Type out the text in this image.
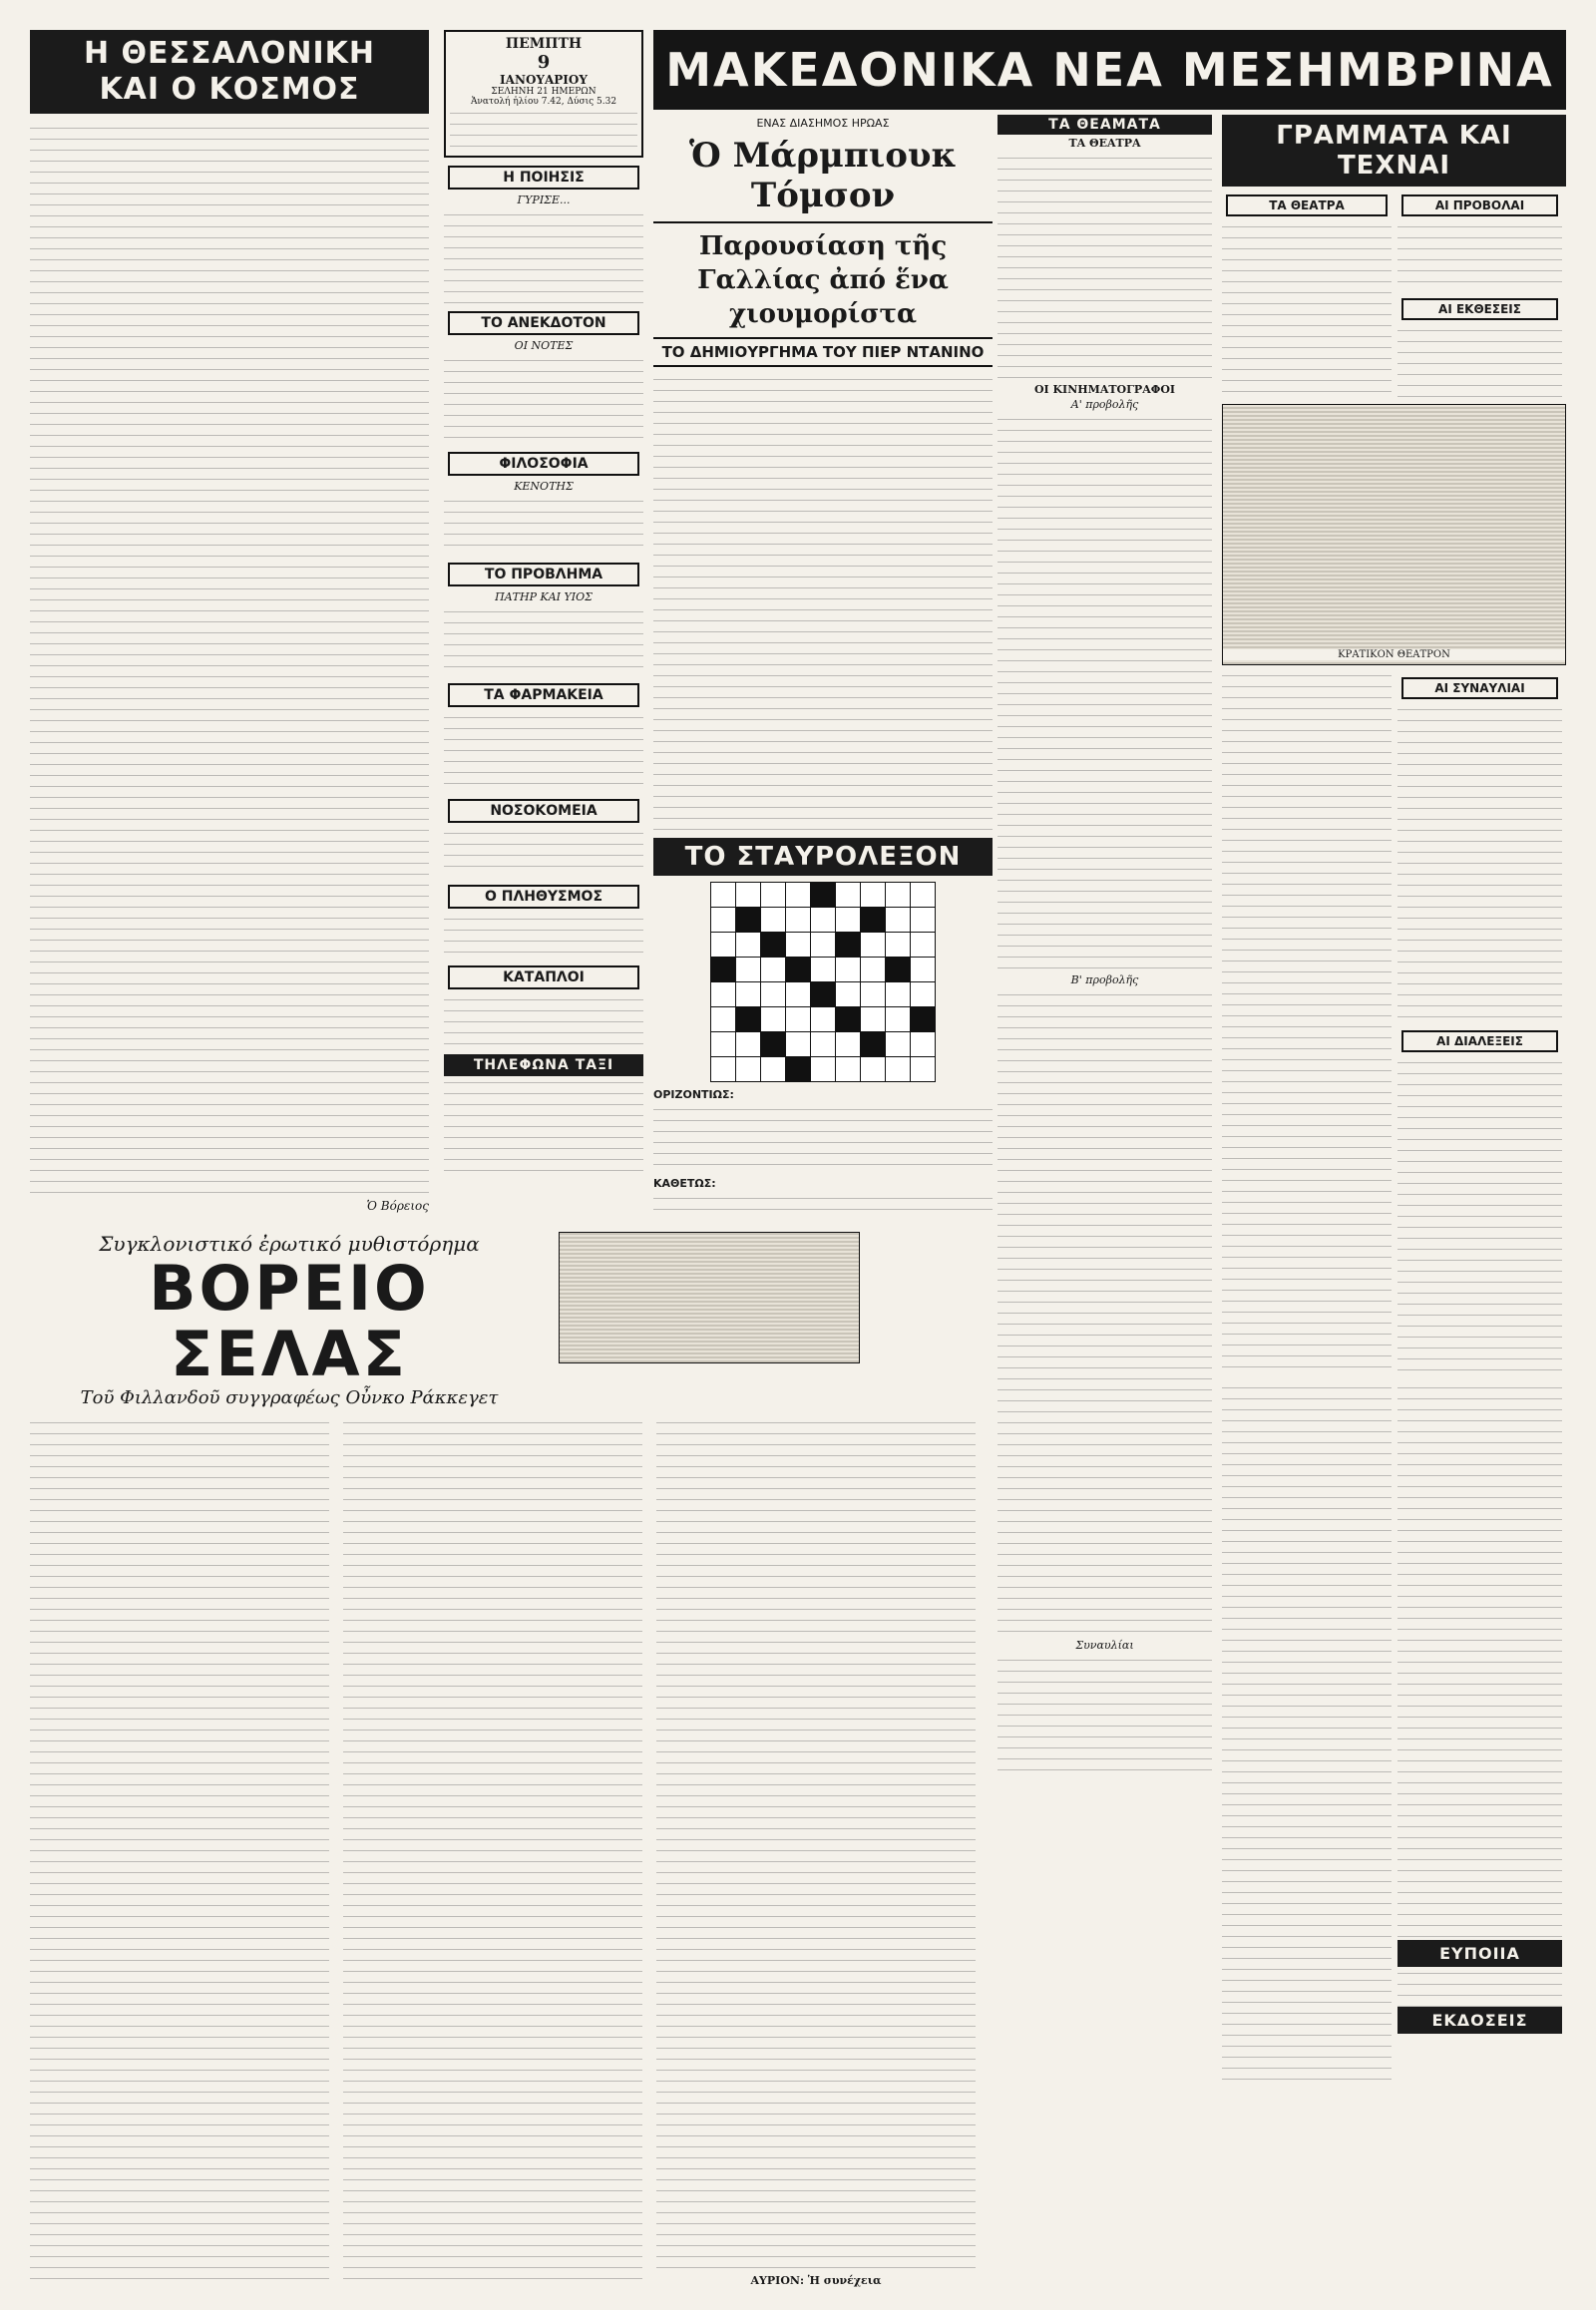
Η ΘΕΣΣΑΛΟΝΙΚΗ
ΚΑΙ Ο ΚΟΣΜΟΣ
Ὁ Βόρειος
ΠΕΜΠΤΗ
9
ΙΑΝΟΥΑΡΙΟΥ
ΣΕΛΗΝΗ 21 ΗΜΕΡΩΝ
Ἀνατολή ἡλίου 7.42, Δύσις 5.32
Η ΠΟΙΗΣΙΣ
ΓΥΡΙΣΕ...
ΤΟ ΑΝΕΚΔΟΤΟΝ
ΟΙ ΝΟΤΕΣ
ΦΙΛΟΣΟΦΙΑ
ΚΕΝΟΤΗΣ
ΤΟ ΠΡΟΒΛΗΜΑ
ΠΑΤΗΡ ΚΑΙ ΥΙΟΣ
ΤΑ ΦΑΡΜΑΚΕΙΑ
ΝΟΣΟΚΟΜΕΙΑ
Ο ΠΛΗΘΥΣΜΟΣ
ΚΑΤΑΠΛΟΙ
ΤΗΛΕΦΩΝΑ ΤΑΞΙ
ΜΑΚΕΔΟΝΙΚΑ ΝΕΑ ΜΕΣΗΜΒΡΙΝΑ
ΕΝΑΣ ΔΙΑΣΗΜΟΣ ΗΡΩΑΣ
Ὁ Μάρμπιουκ Τόμσον
Παρουσίαση τῆς Γαλλίας ἀπό ἕνα χιουμορίστα
ΤΟ ΔΗΜΙΟΥΡΓΗΜΑ ΤΟΥ ΠΙΕΡ ΝΤΑΝΙΝΟ
ΤΟ ΣΤΑΥΡΟΛΕΞΟΝ

ΟΡΙΖΟΝΤΙΩΣ:
ΚΑΘΕΤΩΣ:
ΤΑ ΘΕΑΜΑΤΑ
ΤΑ ΘΕΑΤΡΑ
ΟΙ ΚΙΝΗΜΑΤΟΓΡΑΦΟΙ
Α' προβολῆς
Β' προβολῆς
Συναυλίαι
ΓΡΑΜΜΑΤΑ ΚΑΙ ΤΕΧΝΑΙ
ΤΑ ΘΕΑΤΡΑ	ΑΙ ΠΡΟΒΟΛΑΙ
ΑΙ ΕΚΘΕΣΕΙΣ
ΚΡΑΤΙΚΟΝ ΘΕΑΤΡΟΝ
ΑΙ ΣΥΝΑΥΛΙΑΙ
ΑΙ ΔΙΑΛΕΞΕΙΣ
ΕΥΠΟΙΙΑ
ΕΚΔΟΣΕΙΣ
Συγκλονιστικό ἐρωτικό μυθιστόρημα
ΒΟΡΕΙΟ ΣΕΛΑΣ
Τοῦ Φιλλανδοῦ συγγραφέως Οὖνκο Ράκκεγετ
ΑΥΡΙΟΝ: Ἡ συνέχεια
